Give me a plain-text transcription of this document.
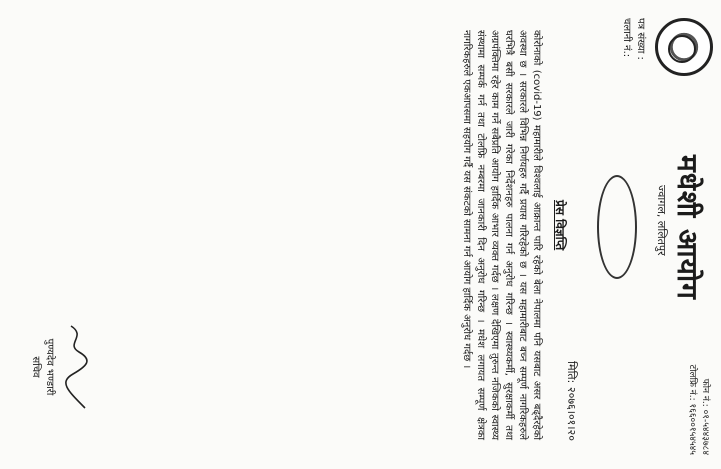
पत्र संख्या :
चलानी नं.:
मधेशी आयोग
ज्वागल, ललितपुर
फोन नं.: ०१-५४४३७८४
टोलफ्रि नं.: १६६००१५४५४५
मिति: २०७६।०१।२०
प्रेस विज्ञप्ति
कोरोनाको (covid-19) महामारीले विश्वलाई आक्रान्त पारि रहेको बेला नेपालमा पनि यसबाट असर बढ्दैरहेको अवस्था छ । सरकारले विभिन्न निर्णयहरु गर्दै प्रयास गरिरहेको छ । यस महामारीबाट बच्न सम्पूर्ण नागरिकहरुले घरभित्रै बसी सरकारले जारी गरेका निर्देशनहरु पालना गर्न अनुरोध गरिन्छ । स्वास्थ्यकर्मी, सुरक्षाकर्मी तथा अग्रपंक्तिमा रहेर काम गर्ने सबैप्रति आयोग हार्दिक आभार व्यक्त गर्दछ । लक्षण देखिएमा तुरुन्त नजिकको स्वास्थ्य संस्थामा सम्पर्क गर्न तथा टोलफ्रि नम्बरमा जानकारी दिन अनुरोध गरिन्छ । मधेश लगायत सम्पूर्ण क्षेत्रका नागरिकहरुले एकआपसमा सहयोग गर्दै यस संकटको सामना गर्न आयोग हार्दिक अनुरोध गर्दछ ।
पुण्यदेव भण्डारी
सचिव
